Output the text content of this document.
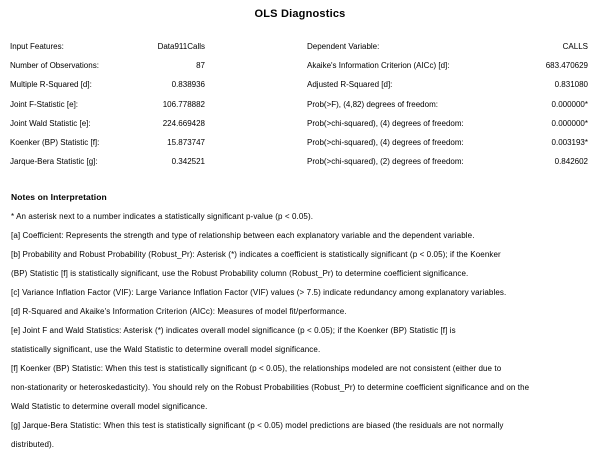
OLS Diagnostics
Input Features:	Data911Calls	Dependent Variable:	CALLS
Number of Observations:	87	Akaike's Information Criterion (AICc) [d]:	683.470629
Multiple R-Squared [d]:	0.838936	Adjusted R-Squared [d]:	0.831080
Joint F-Statistic [e]:	106.778882	Prob(>F), (4,82) degrees of freedom:	0.000000*
Joint Wald Statistic [e]:	224.669428	Prob(>chi-squared), (4) degrees of freedom:	0.000000*
Koenker (BP) Statistic [f]:	15.873747	Prob(>chi-squared), (4) degrees of freedom:	0.003193*
Jarque-Bera Statistic [g]:	0.342521	Prob(>chi-squared), (2) degrees of freedom:	0.842602
Notes on Interpretation
* An asterisk next to a number indicates a statistically significant p-value (p < 0.05).
[a] Coefficient: Represents the strength and type of relationship between each explanatory variable and the dependent variable.
[b] Probability and Robust Probability (Robust_Pr): Asterisk (*) indicates a coefficient is statistically significant (p < 0.05); if the Koenker
(BP) Statistic [f] is statistically significant, use the Robust Probability column (Robust_Pr) to determine coefficient significance.
[c] Variance Inflation Factor (VIF): Large Variance Inflation Factor (VIF) values (> 7.5) indicate redundancy among explanatory variables.
[d] R-Squared and Akaike's Information Criterion (AICc): Measures of model fit/performance.
[e] Joint F and Wald Statistics: Asterisk (*) indicates overall model significance (p < 0.05); if the Koenker (BP) Statistic [f] is
statistically significant, use the Wald Statistic to determine overall model significance.
[f] Koenker (BP) Statistic: When this test is statistically significant (p < 0.05), the relationships modeled are not consistent (either due to
non-stationarity or heteroskedasticity). You should rely on the Robust Probabilities (Robust_Pr) to determine coefficient significance and on the
Wald Statistic to determine overall model significance.
[g] Jarque-Bera Statistic: When this test is statistically significant (p < 0.05) model predictions are biased (the residuals are not normally
distributed).
